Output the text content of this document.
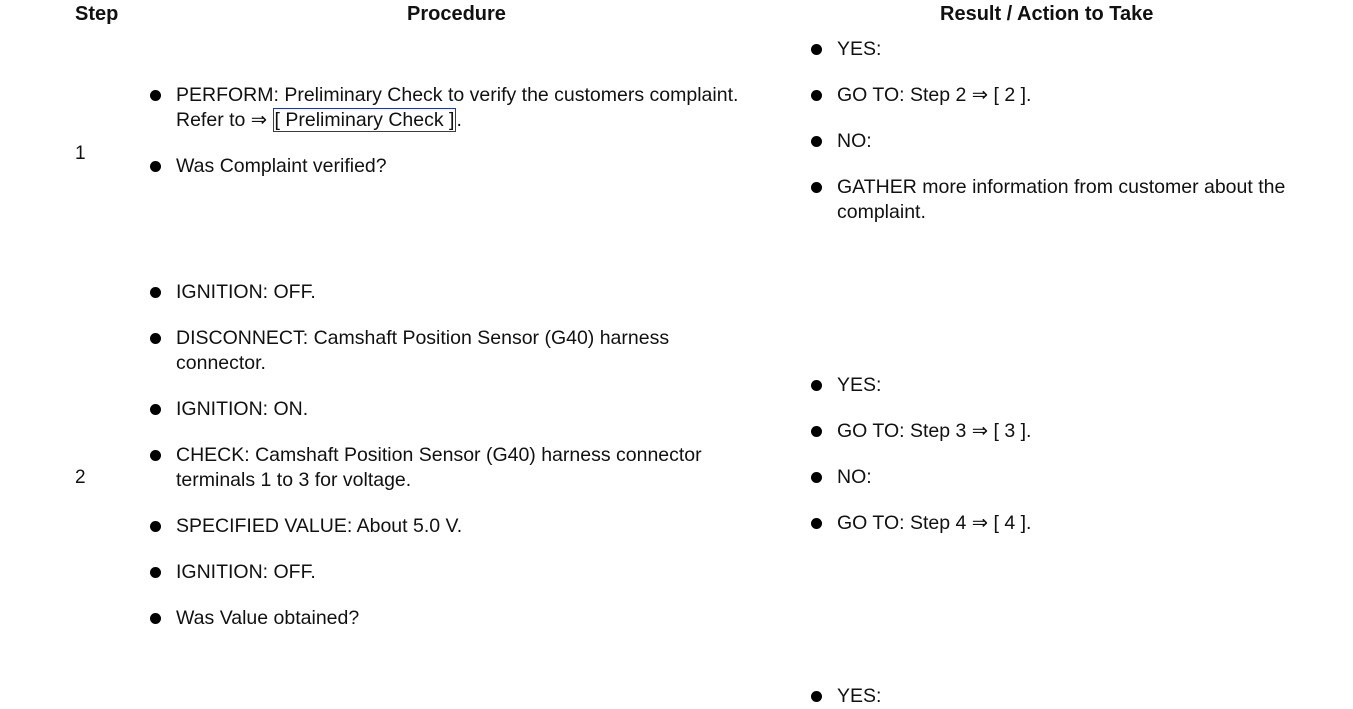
Step	Procedure	Result / Action to Take
1
PERFORM: Preliminary Check to verify the customers complaint. Refer to ⇒ [ Preliminary Check ] .
Was Complaint verified?
YES:
GO TO: Step 2 ⇒ [ 2 ].
NO:
GATHER more information from customer about the complaint.
2
IGNITION: OFF.
DISCONNECT: Camshaft Position Sensor (G40) harness connector.
IGNITION: ON.
CHECK: Camshaft Position Sensor (G40) harness connector terminals 1 to 3 for voltage.
SPECIFIED VALUE: About 5.0 V.
IGNITION: OFF.
Was Value obtained?
YES:
GO TO: Step 3 ⇒ [ 3 ].
NO:
GO TO: Step 4 ⇒ [ 4 ].
YES:
